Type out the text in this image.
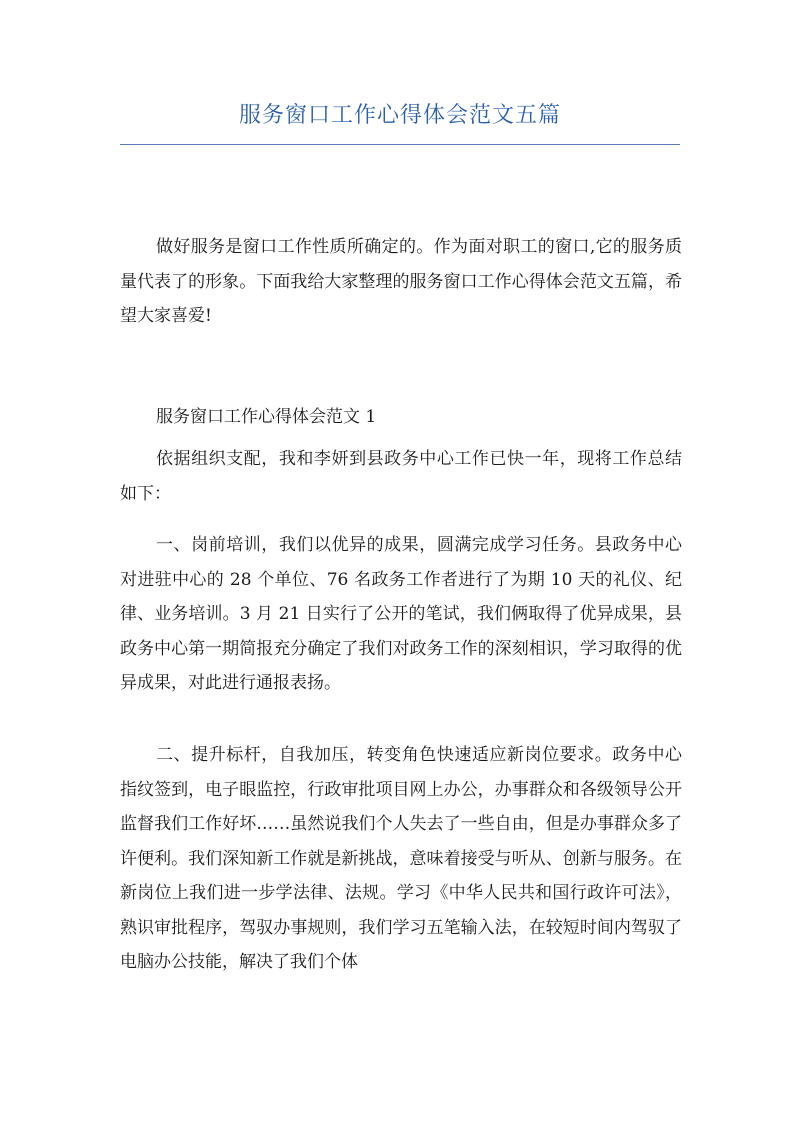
服务窗口工作心得体会范文五篇

做好服务是窗口工作性质所确定的。作为面对职工的窗口,它的服务质量代表了的形象。下面我给大家整理的服务窗口工作心得体会范文五篇，希望大家喜爱!

服务窗口工作心得体会范文 1

依据组织支配，我和李妍到县政务中心工作已快一年，现将工作总结如下：

一、岗前培训，我们以优异的成果，圆满完成学习任务。县政务中心对进驻中心的 28 个单位、76 名政务工作者进行了为期 10 天的礼仪、纪律、业务培训。3 月 21 日实行了公开的笔试，我们俩取得了优异成果，县政务中心第一期简报充分确定了我们对政务工作的深刻相识，学习取得的优异成果，对此进行通报表扬。

二、提升标杆，自我加压，转变角色快速适应新岗位要求。政务中心指纹签到，电子眼监控，行政审批项目网上办公，办事群众和各级领导公开监督我们工作好坏……虽然说我们个人失去了一些自由，但是办事群众多了许便利。我们深知新工作就是新挑战，意味着接受与听从、创新与服务。在新岗位上我们进一步学法律、法规。学习《中华人民共和国行政许可法》，熟识审批程序，驾驭办事规则，我们学习五笔输入法，在较短时间内驾驭了电脑办公技能，解决了我们个体
